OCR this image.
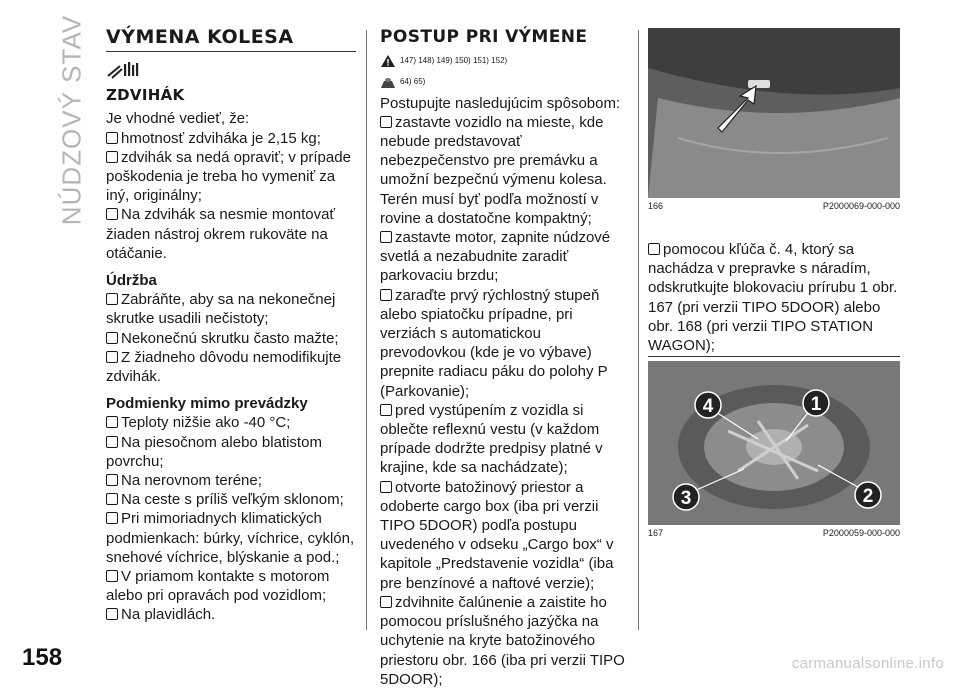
NÚDZOVÝ STAV
158	carmanualsonline.info
VÝMENA KOLESA
ZDVIHÁK

Je vhodné vedieť, že:

hmotnosť zdviháka je 2,15 kg;
zdvihák sa nedá opraviť; v prípade poškodenia je treba ho vymeniť za iný, originálny;
Na zdvihák sa nesmie montovať žiaden nástroj okrem rukoväte na otáčanie.
Údržba
Zabráňte, aby sa na nekonečnej skrutke usadili nečistoty;
Nekonečnú skrutku často mažte;
Z žiadneho dôvodu nemodifikujte zdvihák.
Podmienky mimo prevádzky
Teploty nižšie ako -40 °C;
Na piesočnom alebo blatistom povrchu;
Na nerovnom teréne;
Na ceste s príliš veľkým sklonom;
Pri mimoriadnych klimatických podmienkach: búrky, víchrice, cyklón, snehové víchrice, blýskanie a pod.;
V priamom kontakte s motorom alebo pri opravách pod vozidlom;
Na plavidlách.
POSTUP PRI VÝMENE
147) 148) 149) 150) 151) 152)
64) 65)

Postupujte nasledujúcim spôsobom:

zastavte vozidlo na mieste, kde nebude predstavovať nebezpečenstvo pre premávku a umožní bezpečnú výmenu kolesa. Terén musí byť podľa možností v rovine a dostatočne kompaktný;
zastavte motor, zapnite núdzové svetlá a nezabudnite zaradiť parkovaciu brzdu;
zaraďte prvý rýchlostný stupeň alebo spiatočku prípadne, pri verziách s automatickou prevodovkou (kde je vo výbave) prepnite radiacu páku do polohy P (Parkovanie);
pred vystúpením z vozidla si oblečte reflexnú vestu (v každom prípade dodržte predpisy platné v krajine, kde sa nachádzate);
otvorte batožinový priestor a odoberte cargo box (iba pri verzii TIPO 5DOOR) podľa postupu uvedeného v odseku „Cargo box“ v kapitole „Predstavenie vozidla“ (iba pre benzínové a naftové verzie);
zdvihnite čalúnenie a zaistite ho pomocou príslušného jazýčka na uchytenie na kryte batožinového priestoru obr. 166 (iba pri verzii TIPO 5DOOR);
166	P2000069-000-000
pomocou kľúča č. 4, ktorý sa nachádza v prepravke s náradím, odskrutkujte blokovaciu prírubu 1 obr. 167 (pri verzii TIPO 5DOOR) alebo obr. 168 (pri verzii TIPO STATION WAGON);
4	1
2
3
167	P2000059-000-000
